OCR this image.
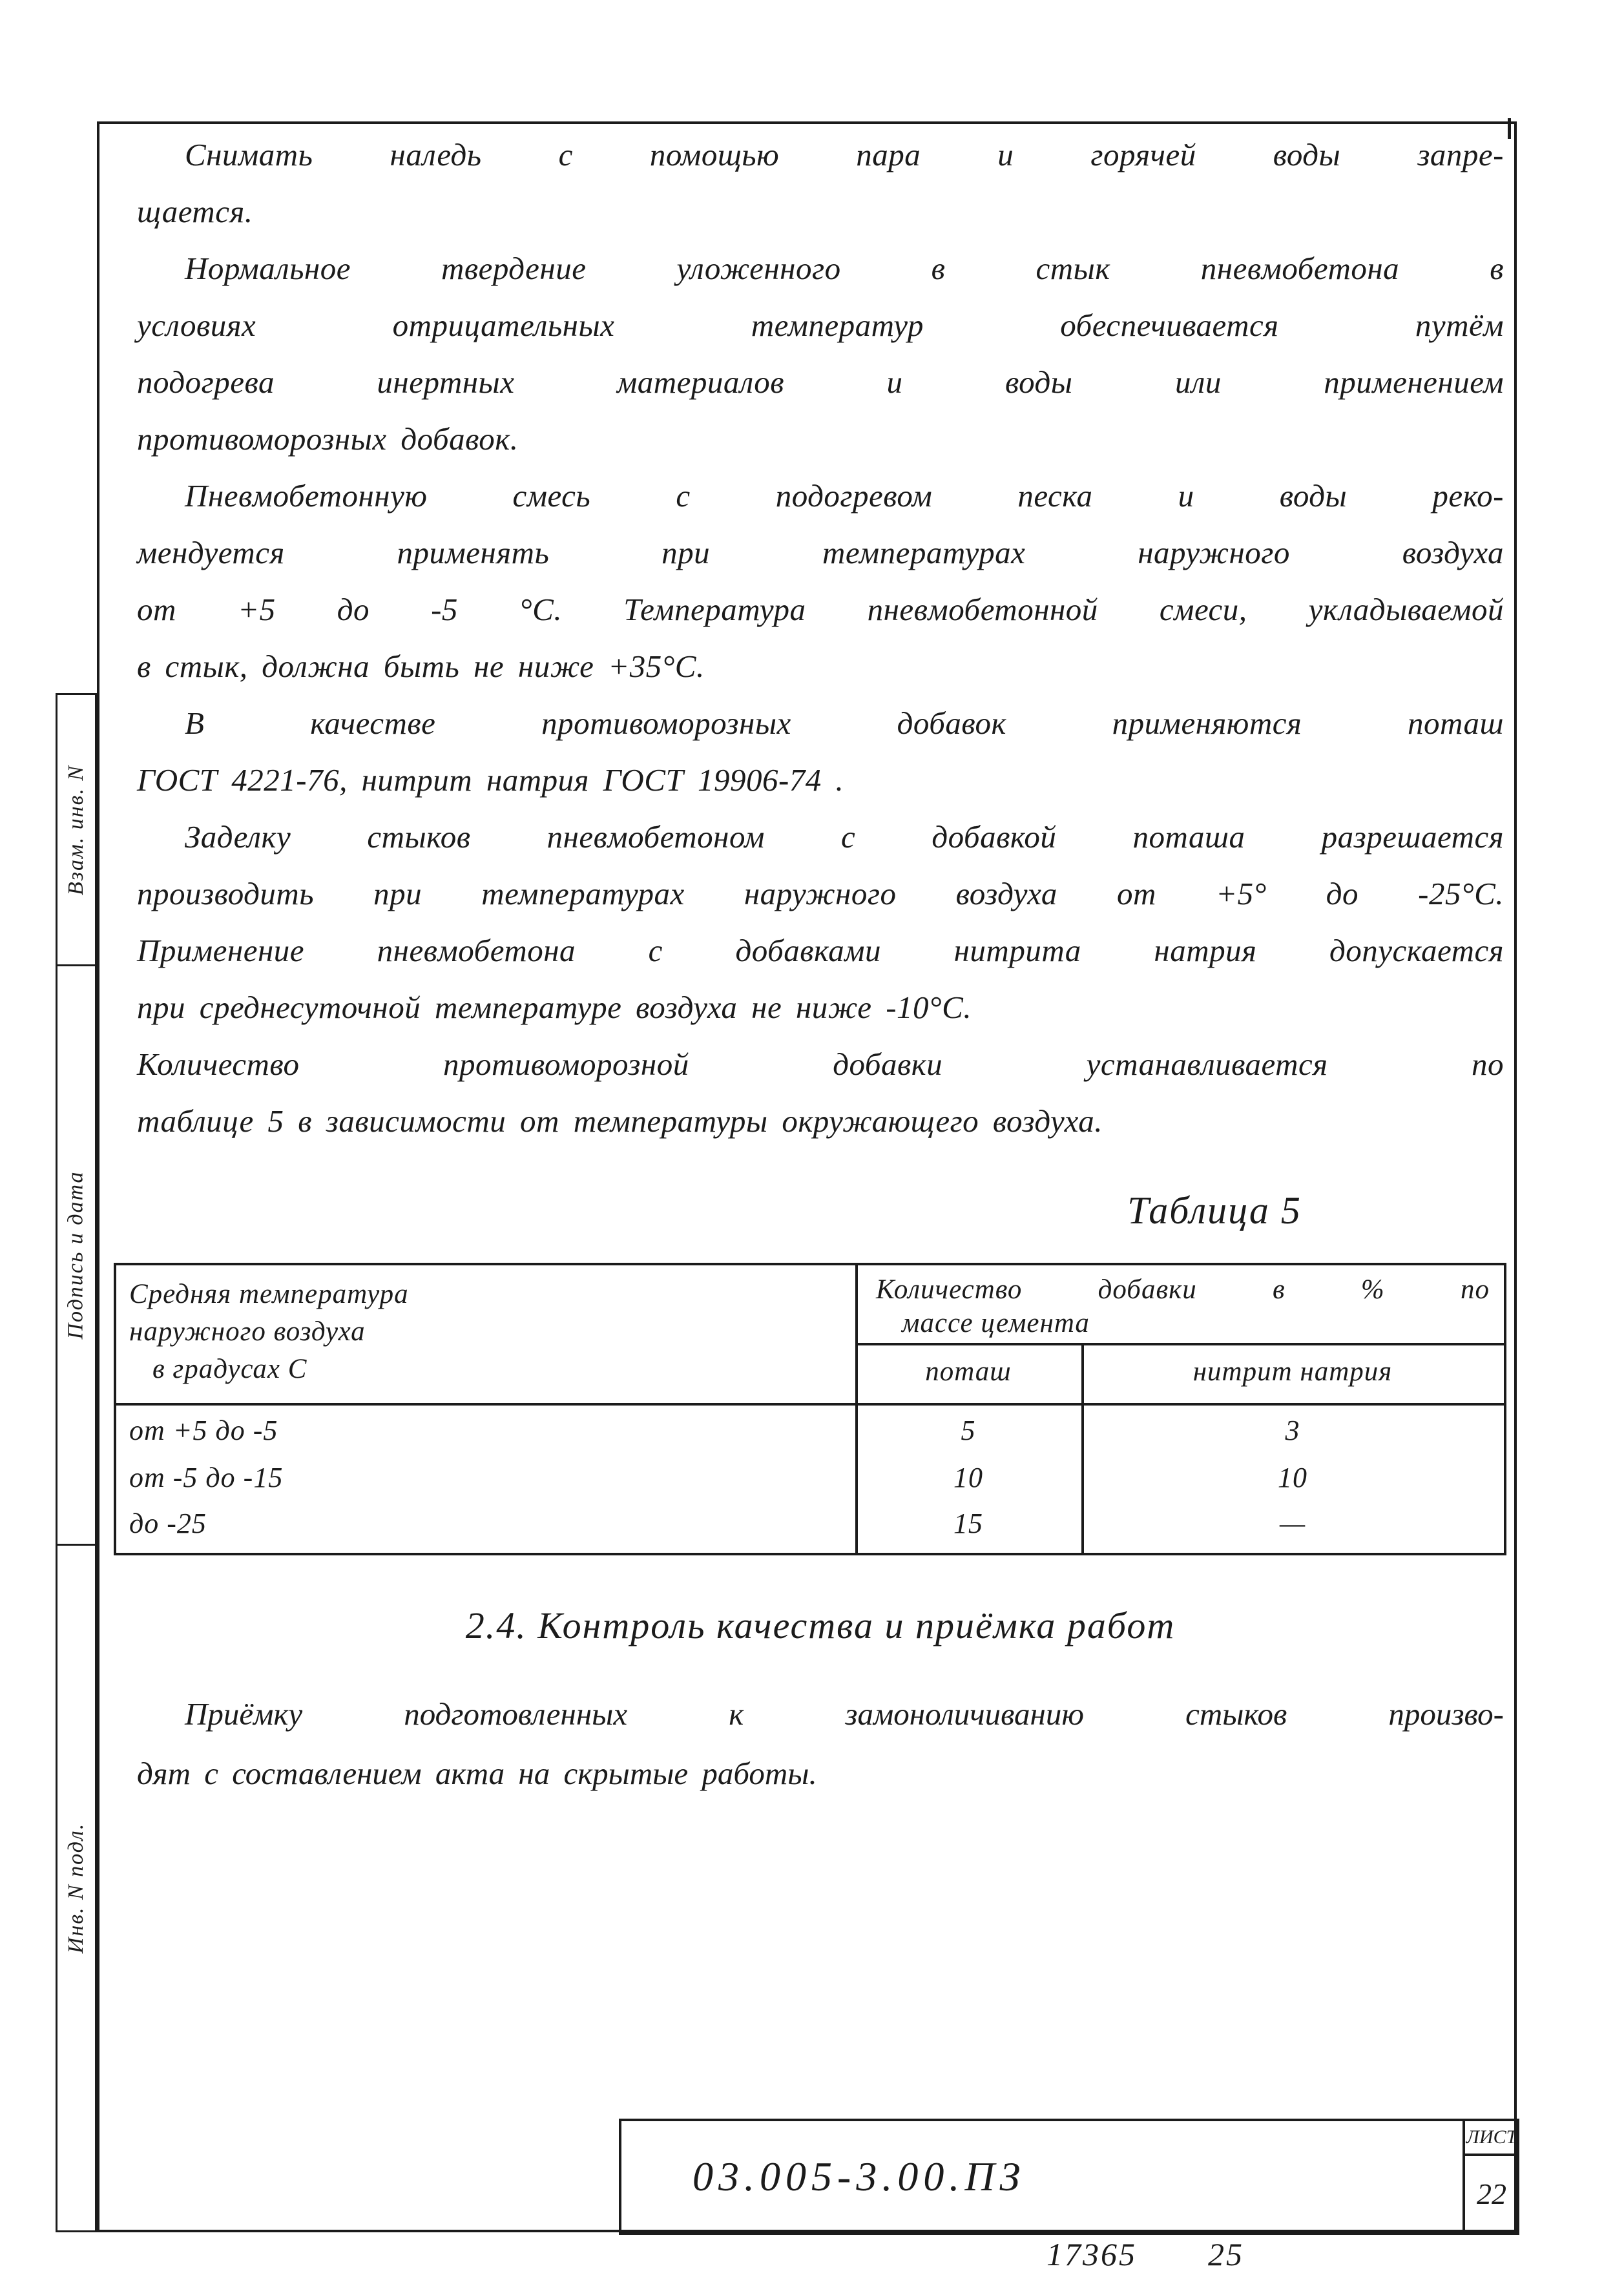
Снимать наледь с помощью пара и горячей воды запре-
щается.
Нормальное твердение уложенного в стык пневмобетона в
условиях отрицательных температур обеспечивается путём
подогрева инертных материалов и воды или применением
противоморозных добавок.
Пневмобетонную смесь с подогревом песка и воды реко-
мендуется применять при температурах наружного воздуха
от +5 до -5 °С. Температура пневмобетонной смеси, укладываемой
в стык, должна быть не ниже +35°С.
В качестве противоморозных добавок применяются поташ
ГОСТ 4221-76, нитрит натрия ГОСТ 19906-74 .
Заделку стыков пневмобетоном с добавкой поташа разрешается
производить при температурах наружного воздуха от +5° до -25°С.
Применение пневмобетона с добавками нитрита натрия допускается
при среднесуточной температуре воздуха не ниже -10°С.
Количество противоморозной добавки устанавливается по
таблице 5 в зависимости от температуры окружающего воздуха.
Таблица 5
Средняя температура
наружного воздуха
в градусах С
Количество добавки в % по
массе цемента
поташ	нитрит натрия
от +5 до -5	5	3
от -5 до -15	10	10
до -25	15	—
2.4. Контроль качества и приёмка работ
Приёмку подготовленных к замоноличиванию стыков произво-
дят с составлением акта на скрытые работы.
Взам. инв. N
Подпись и дата
Инв. N подл.
03.005-3.00.ПЗ
ЛИСТ
22
17365 25
